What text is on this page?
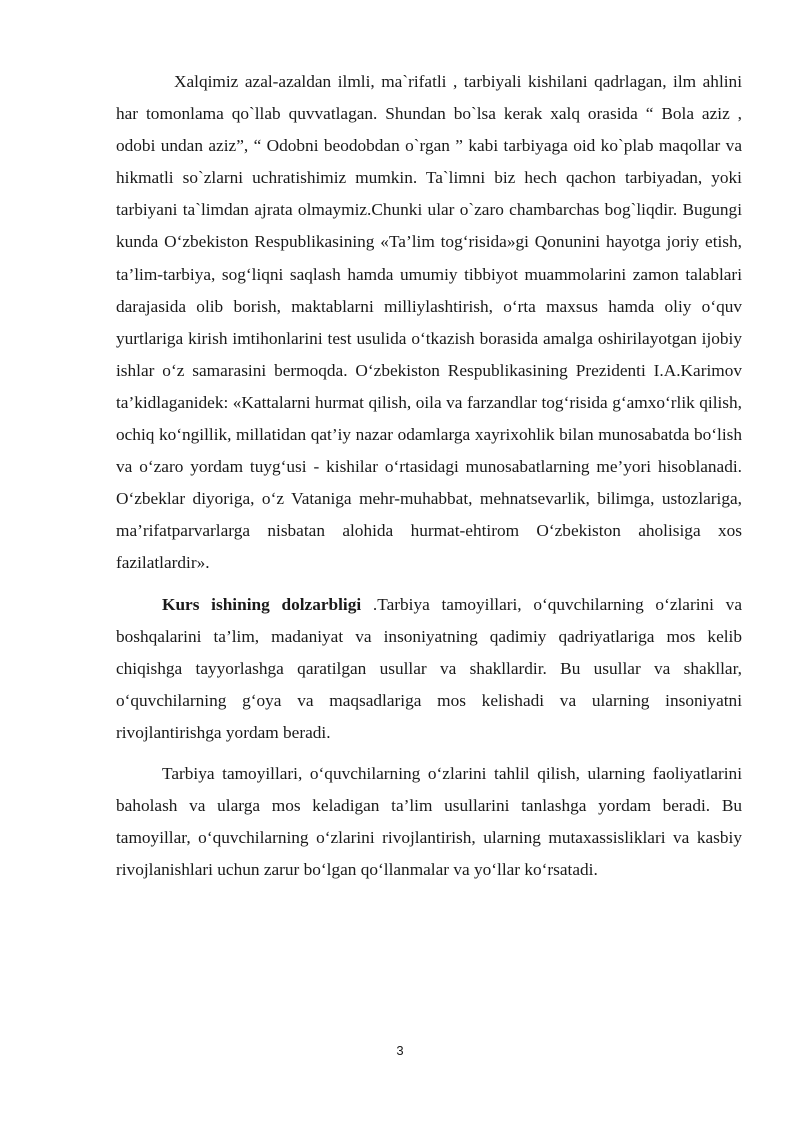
Xalqimiz azal-azaldan ilmli, ma`rifatli , tarbiyali kishilani qadrlagan, ilm ahlini har tomonlama qo`llab quvvatlagan. Shundan bo`lsa kerak xalq orasida “ Bola aziz , odobi undan aziz”, “ Odobni beodobdan o`rgan ” kabi tarbiyaga oid ko`plab maqollar va hikmatli so`zlarni uchratishimiz mumkin. Ta`limni biz hech qachon tarbiyadan, yoki tarbiyani ta`limdan ajrata olmaymiz.Chunki ular o`zaro chambarchas bog`liqdir. Bugungi kunda O‘zbekiston Respublikasining «Ta’lim tog‘risida»gi Qonunini hayotga joriy etish, ta’lim-tarbiya, sog‘liqni saqlash hamda umumiy tibbiyot muammolarini zamon talablari darajasida olib borish, maktablarni milliylashtirish, o‘rta maxsus hamda oliy o‘quv yurtlariga kirish imtihonlarini test usulida o‘tkazish borasida amalga oshirilayotgan ijobiy ishlar o‘z samarasini bermoqda. O‘zbekiston Respublikasining Prezidenti I.A.Karimov ta’kidlaganidek: «Kattalarni hurmat qilish, oila va farzandlar tog‘risida g‘amxo‘rlik qilish, ochiq ko‘ngillik, millatidan qat’iy nazar odamlarga xayrixohlik bilan munosabatda bo‘lish va o‘zaro yordam tuyg‘usi - kishilar o‘rtasidagi munosabatlarning me’yori hisoblanadi. O‘zbeklar diyoriga, o‘z Vataniga mehr-muhabbat, mehnatsevarlik, bilimga, ustozlariga, ma’rifatparvarlarga nisbatan alohida hurmat-ehtirom O‘zbekiston aholisiga xos fazilatlardir».

Kurs ishining dolzarbligi .Tarbiya tamoyillari, o‘quvchilarning o‘zlarini va boshqalarini ta’lim, madaniyat va insoniyatning qadimiy qadriyatlariga mos kelib chiqishga tayyorlashga qaratilgan usullar va shakllardir. Bu usullar va shakllar, o‘quvchilarning g‘oya va maqsadlariga mos kelishadi va ularning insoniyatni rivojlantirishga yordam beradi.

Tarbiya tamoyillari, o‘quvchilarning o‘zlarini tahlil qilish, ularning faoliyatlarini baholash va ularga mos keladigan ta’lim usullarini tanlashga yordam beradi. Bu tamoyillar, o‘quvchilarning o‘zlarini rivojlantirish, ularning mutaxassisliklari va kasbiy rivojlanishlari uchun zarur bo‘lgan qo‘llanmalar va yo‘llar ko‘rsatadi.

3
